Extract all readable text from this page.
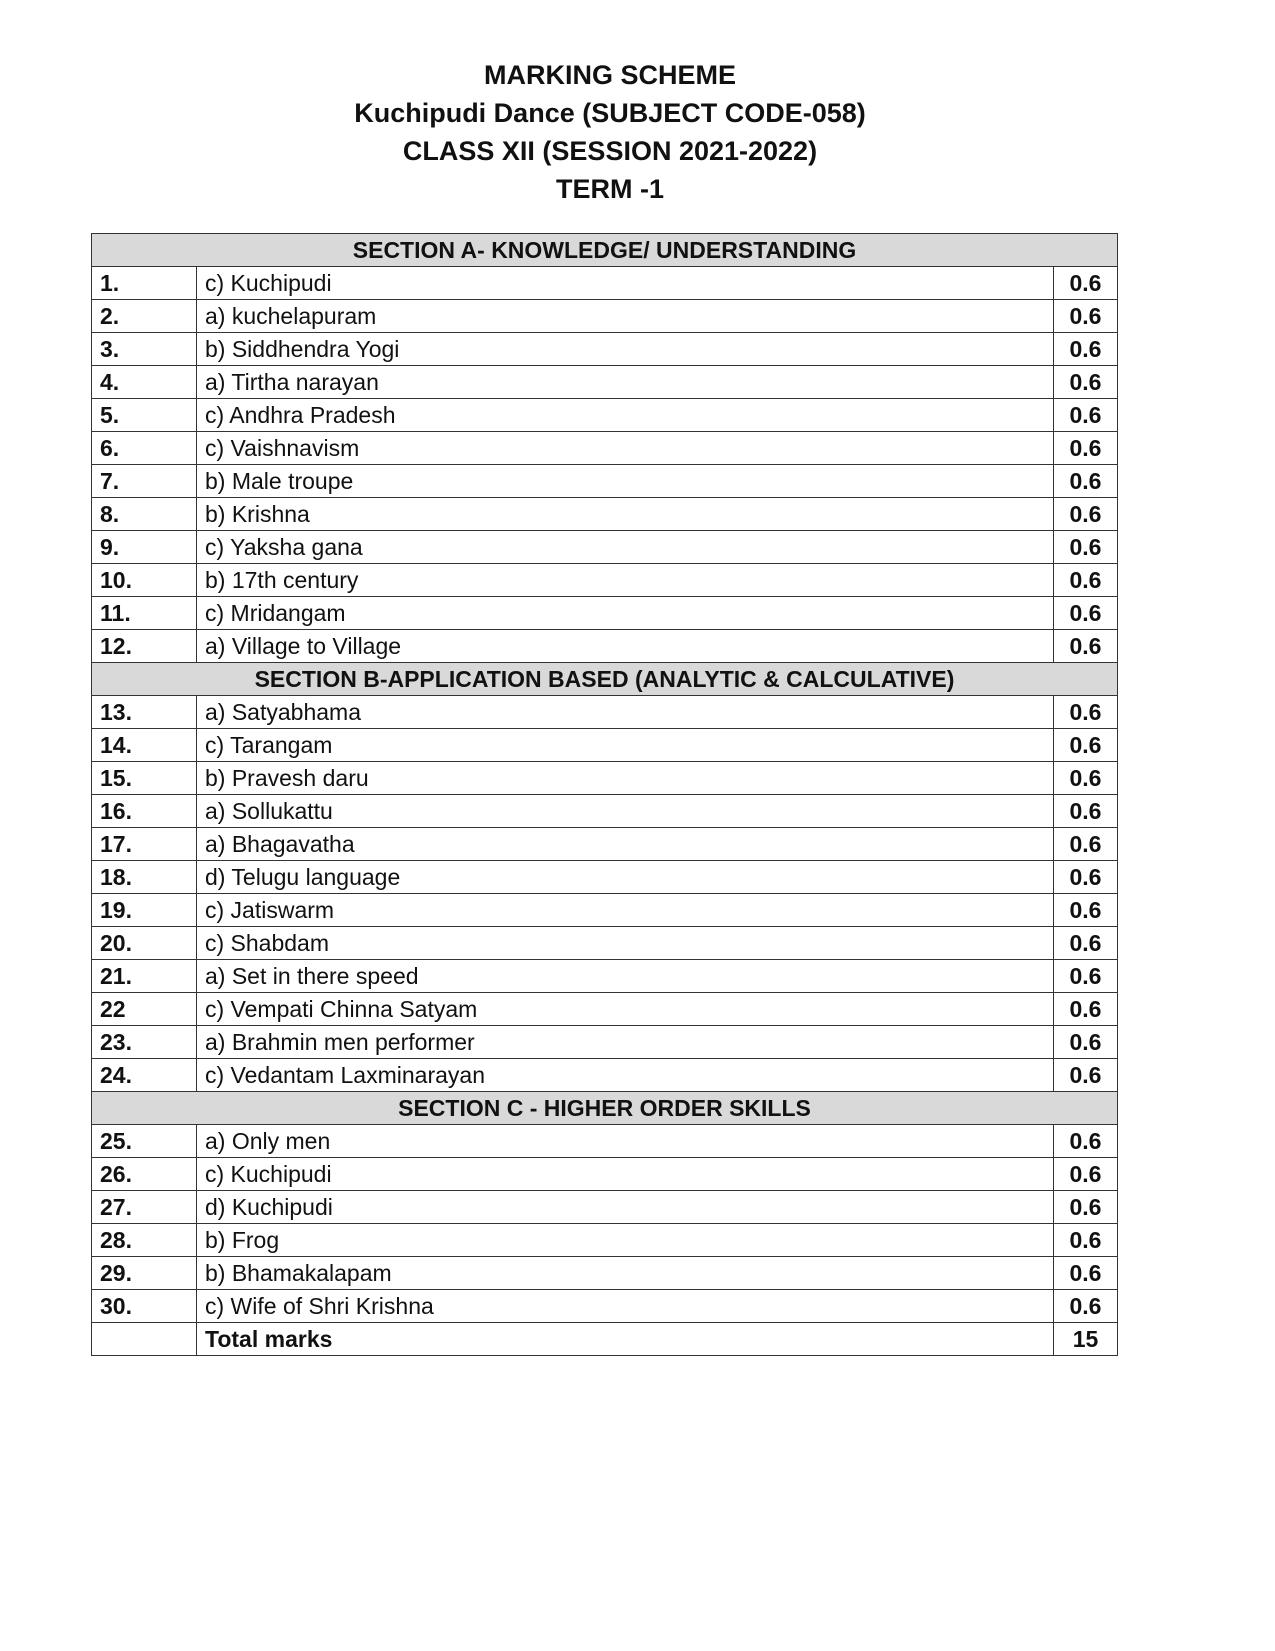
MARKING SCHEME
Kuchipudi Dance (SUBJECT CODE-058)
CLASS XII (SESSION 2021-2022)
TERM -1
SECTION A- KNOWLEDGE/ UNDERSTANDING		
1.	c) Kuchipudi	0.6
2.	a) kuchelapuram	0.6
3.	b) Siddhendra Yogi	0.6
4.	a) Tirtha narayan	0.6
5.	c) Andhra Pradesh	0.6
6.	c) Vaishnavism	0.6
7.	b) Male troupe	0.6
8.	b) Krishna	0.6
9.	c) Yaksha gana	0.6
10.	b) 17th century	0.6
11.	c) Mridangam	0.6
12.	a) Village to Village	0.6
SECTION B-APPLICATION BASED (ANALYTIC & CALCULATIVE)		
13.	a) Satyabhama	0.6
14.	c) Tarangam	0.6
15.	b) Pravesh daru	0.6
16.	a) Sollukattu	0.6
17.	a) Bhagavatha	0.6
18.	d) Telugu language	0.6
19.	c) Jatiswarm	0.6
20.	c) Shabdam	0.6
21.	a) Set in there speed	0.6
22	c) Vempati Chinna Satyam	0.6
23.	a) Brahmin men performer	0.6
24.	c) Vedantam Laxminarayan	0.6
SECTION C - HIGHER ORDER SKILLS		
25.	a) Only men	0.6
26.	c) Kuchipudi	0.6
27.	d) Kuchipudi	0.6
28.	b) Frog	0.6
29.	b) Bhamakalapam	0.6
30.	c) Wife of Shri Krishna	0.6
	Total marks	15
